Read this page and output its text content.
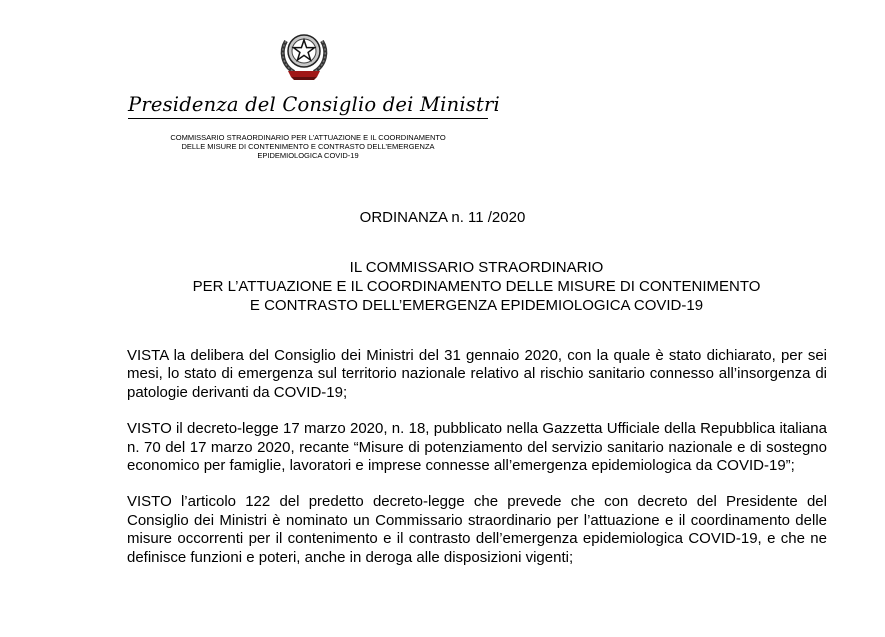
Presidenza del Consiglio dei Ministri
COMMISSARIO STRAORDINARIO PER L’ATTUAZIONE E IL COORDINAMENTO
DELLE MISURE DI CONTENIMENTO E CONTRASTO DELL’EMERGENZA
EPIDEMIOLOGICA COVID-19
ORDINANZA n. 11 /2020
IL COMMISSARIO STRAORDINARIO
PER L’ATTUAZIONE E IL COORDINAMENTO DELLE MISURE DI CONTENIMENTO
E CONTRASTO DELL’EMERGENZA EPIDEMIOLOGICA COVID-19

VISTA la delibera del Consiglio dei Ministri del 31 gennaio 2020, con la quale è stato dichiarato, per sei mesi, lo stato di emergenza sul territorio nazionale relativo al rischio sanitario connesso all’insorgenza di patologie derivanti da COVID-19;

VISTO il decreto-legge 17 marzo 2020, n. 18, pubblicato nella Gazzetta Ufficiale della Repubblica italiana n. 70 del 17 marzo 2020, recante “Misure di potenziamento del servizio sanitario nazionale e di sostegno economico per famiglie, lavoratori e imprese connesse all’emergenza epidemiologica da COVID-19”;

VISTO l’articolo 122 del predetto decreto-legge che prevede che con decreto del Presidente del Consiglio dei Ministri è nominato un Commissario straordinario per l’attuazione e il coordinamento delle misure occorrenti per il contenimento e il contrasto dell’emergenza epidemiologica COVID-19, e che ne definisce funzioni e poteri, anche in deroga alle disposizioni vigenti;
